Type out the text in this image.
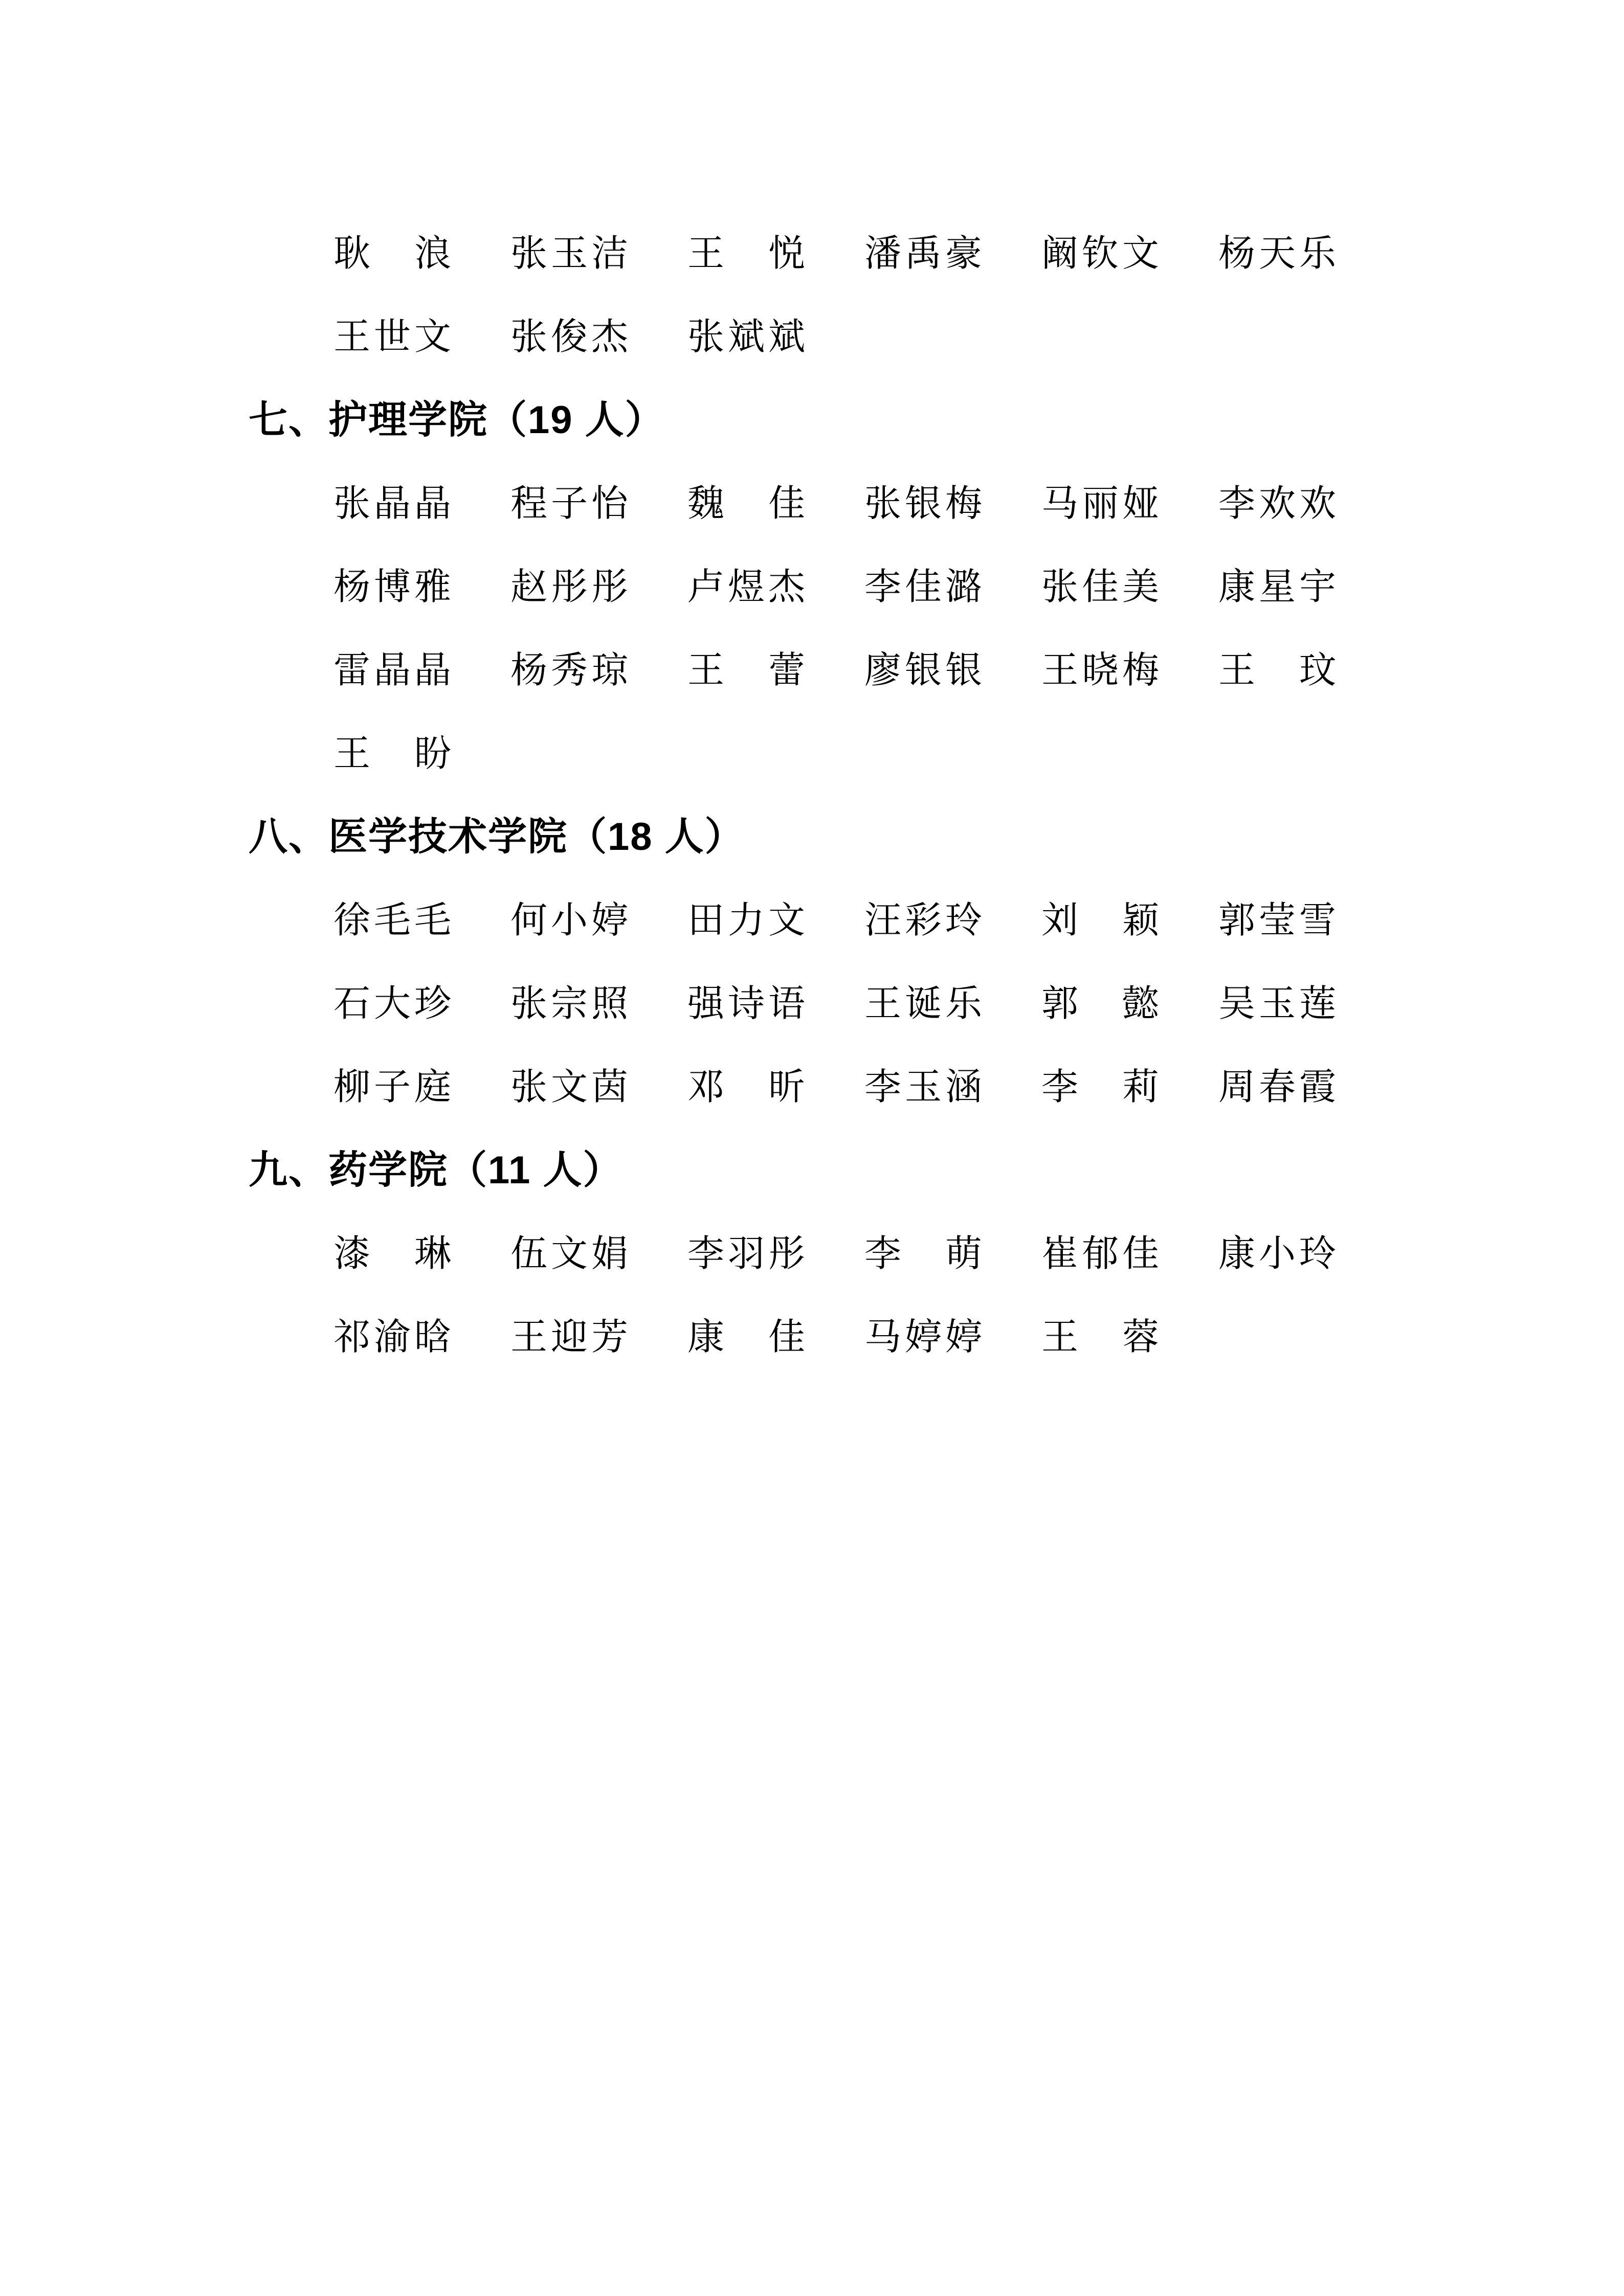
耿　浪	张玉洁	王　悦	潘禹豪	阚钦文	杨天乐
王世文	张俊杰	张斌斌
七、护理学院（19 人）
张晶晶	程子怡	魏　佳	张银梅	马丽娅	李欢欢
杨博雅	赵彤彤	卢煜杰	李佳潞	张佳美	康星宇
雷晶晶	杨秀琼	王　蕾	廖银银	王晓梅	王　玟
王　盼
八、医学技术学院（18 人）
徐毛毛	何小婷	田力文	汪彩玲	刘　颖	郭莹雪
石大珍	张宗照	强诗语	王诞乐	郭　懿	吴玉莲
柳子庭	张文茵	邓　昕	李玉涵	李　莉	周春霞
九、药学院（11 人）
漆　琳	伍文娟	李羽彤	李　萌	崔郁佳	康小玲
祁渝晗	王迎芳	康　佳	马婷婷	王　蓉
